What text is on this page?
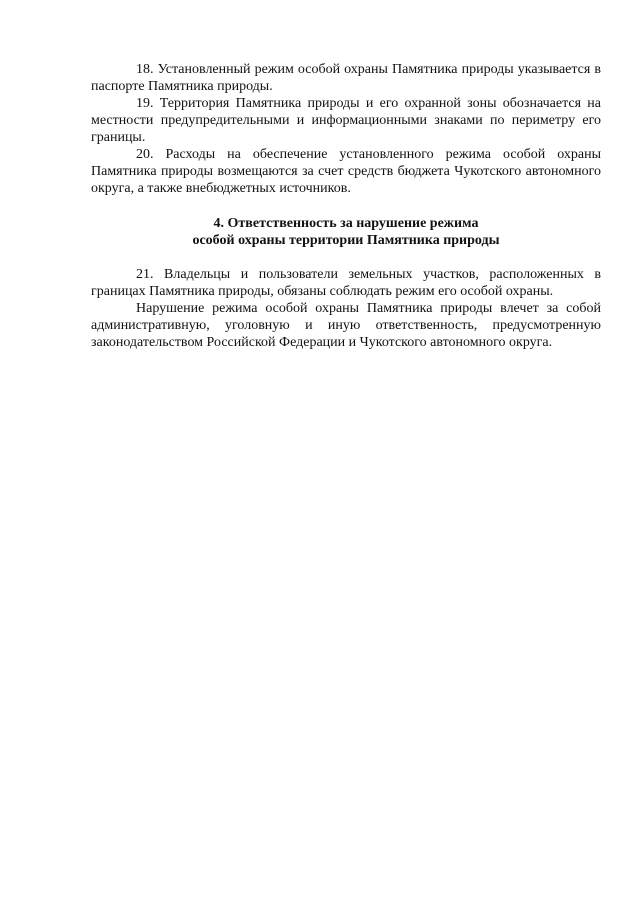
18. Установленный режим особой охраны Памятника природы указывается в паспорте Памятника природы.

19. Территория Памятника природы и его охранной зоны обозначается на местности предупредительными и информационными знаками по периметру его границы.

20. Расходы на обеспечение установленного режима особой охраны Памятника природы возмещаются за счет средств бюджета Чукотского автономного округа, а также внебюджетных источников.

4. Ответственность за нарушение режима
особой охраны территории Памятника природы

21. Владельцы и пользователи земельных участков, расположенных в границах Памятника природы, обязаны соблюдать режим его особой охраны.

Нарушение режима особой охраны Памятника природы влечет за собой административную, уголовную и иную ответственность, предусмотренную законодательством Российской Федерации и Чукотского автономного округа.
